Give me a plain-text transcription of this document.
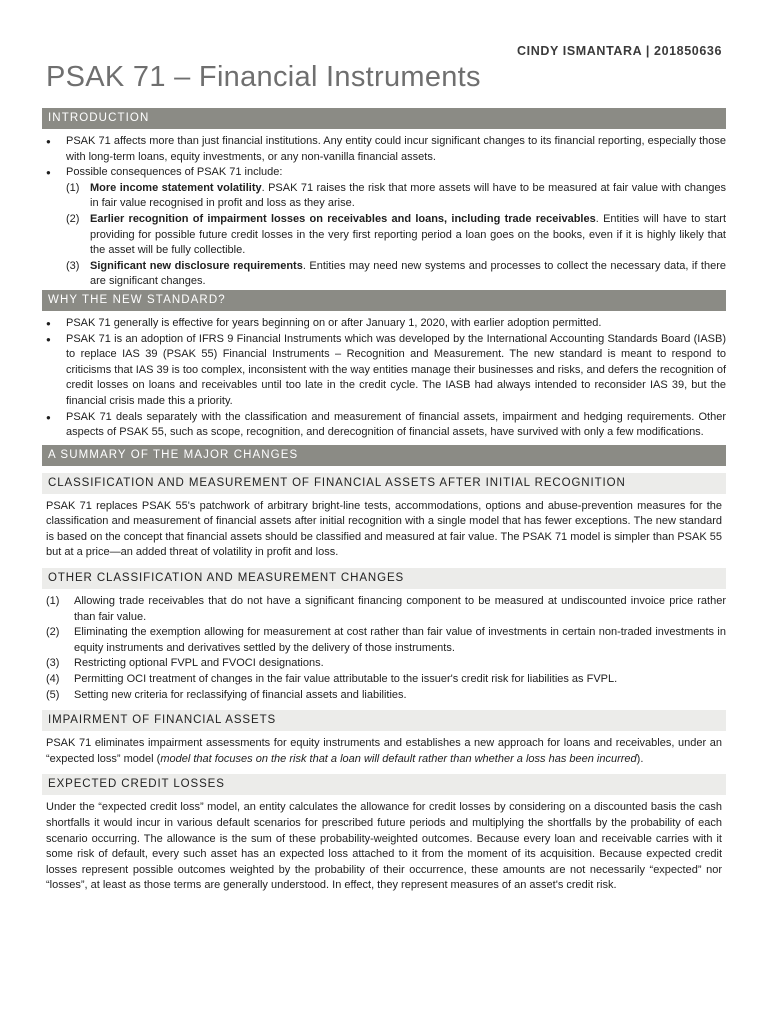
CINDY ISMANTARA | 201850636
PSAK 71 – Financial Instruments
INTRODUCTION
● PSAK 71 affects more than just financial institutions. Any entity could incur significant changes to its financial reporting, especially those with long-term loans, equity investments, or any non-vanilla financial assets.
● Possible consequences of PSAK 71 include:
(1) More income statement volatility. PSAK 71 raises the risk that more assets will have to be measured at fair value with changes in fair value recognised in profit and loss as they arise.
(2) Earlier recognition of impairment losses on receivables and loans, including trade receivables. Entities will have to start providing for possible future credit losses in the very first reporting period a loan goes on the books, even if it is highly likely that the asset will be fully collectible.
(3) Significant new disclosure requirements. Entities may need new systems and processes to collect the necessary data, if there are significant changes.
WHY THE NEW STANDARD?
● PSAK 71 generally is effective for years beginning on or after January 1, 2020, with earlier adoption permitted.
● PSAK 71 is an adoption of IFRS 9 Financial Instruments which was developed by the International Accounting Standards Board (IASB) to replace IAS 39 (PSAK 55) Financial Instruments – Recognition and Measurement. The new standard is meant to respond to criticisms that IAS 39 is too complex, inconsistent with the way entities manage their businesses and risks, and defers the recognition of credit losses on loans and receivables until too late in the credit cycle. The IASB had always intended to reconsider IAS 39, but the financial crisis made this a priority.
● PSAK 71 deals separately with the classification and measurement of financial assets, impairment and hedging requirements. Other aspects of PSAK 55, such as scope, recognition, and derecognition of financial assets, have survived with only a few modifications.
A SUMMARY OF THE MAJOR CHANGES
CLASSIFICATION AND MEASUREMENT OF FINANCIAL ASSETS AFTER INITIAL RECOGNITION
PSAK 71 replaces PSAK 55's patchwork of arbitrary bright-line tests, accommodations, options and abuse-prevention measures for the classification and measurement of financial assets after initial recognition with a single model that has fewer exceptions. The new standard is based on the concept that financial assets should be classified and measured at fair value. The PSAK 71 model is simpler than PSAK 55 but at a price—an added threat of volatility in profit and loss.
OTHER CLASSIFICATION AND MEASUREMENT CHANGES
(1) Allowing trade receivables that do not have a significant financing component to be measured at undiscounted invoice price rather than fair value.
(2) Eliminating the exemption allowing for measurement at cost rather than fair value of investments in certain non-traded investments in equity instruments and derivatives settled by the delivery of those instruments.
(3) Restricting optional FVPL and FVOCI designations.
(4) Permitting OCI treatment of changes in the fair value attributable to the issuer's credit risk for liabilities as FVPL.
(5) Setting new criteria for reclassifying of financial assets and liabilities.
IMPAIRMENT OF FINANCIAL ASSETS
PSAK 71 eliminates impairment assessments for equity instruments and establishes a new approach for loans and receivables, under an “expected loss” model (model that focuses on the risk that a loan will default rather than whether a loss has been incurred).
EXPECTED CREDIT LOSSES
Under the “expected credit loss” model, an entity calculates the allowance for credit losses by considering on a discounted basis the cash shortfalls it would incur in various default scenarios for prescribed future periods and multiplying the shortfalls by the probability of each scenario occurring. The allowance is the sum of these probability-weighted outcomes. Because every loan and receivable carries with it some risk of default, every such asset has an expected loss attached to it from the moment of its acquisition. Because expected credit losses represent possible outcomes weighted by the probability of their occurrence, these amounts are not necessarily “expected” nor “losses”, at least as those terms are generally understood. In effect, they represent measures of an asset's credit risk.
